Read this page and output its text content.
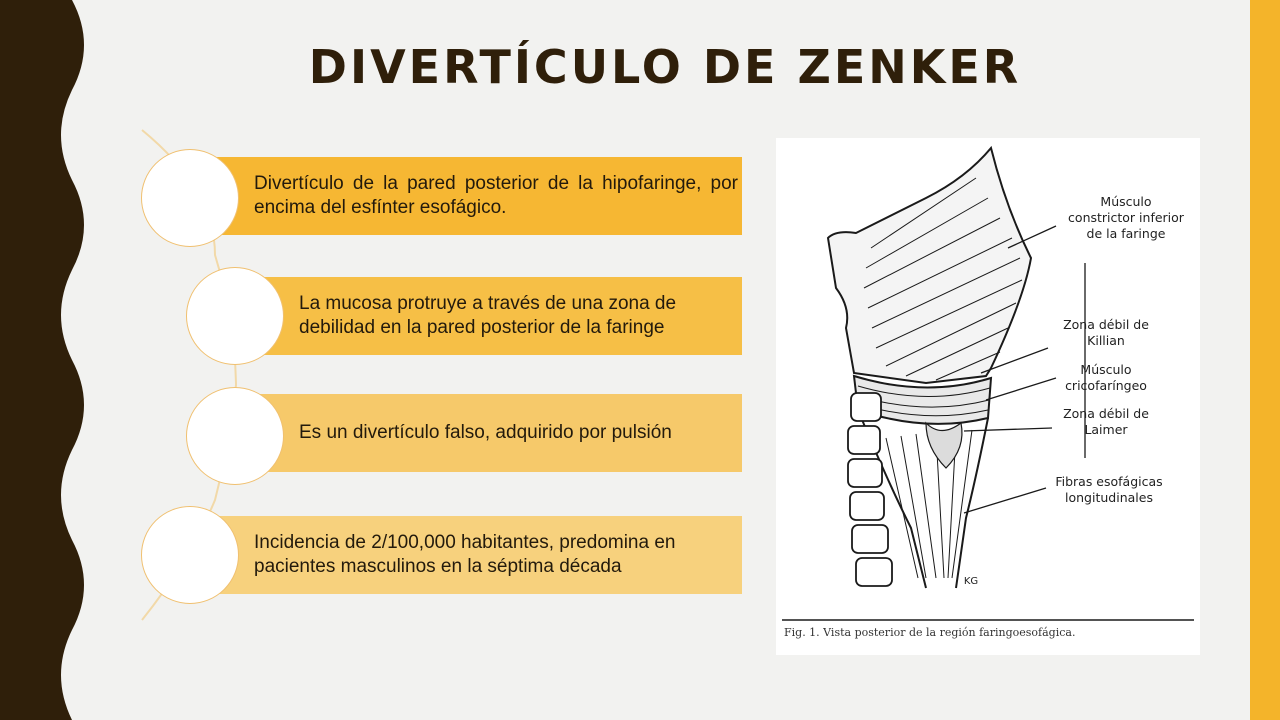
DIVERTÍCULO DE ZENKER
Divertículo de la pared posterior de la hipofaringe, por encima del esfínter esofágico.
La mucosa protruye a través de una zona de debilidad en la pared posterior de la faringe
Es un divertículo falso, adquirido por pulsión
Incidencia de 2/100,000 habitantes, predomina en pacientes masculinos en la séptima década
Músculo
constrictor inferior
de la faringe
Zona débil de
Killian
Músculo
cricofaríngeo
Zona débil de
Laimer
Fibras esofágicas
longitudinales
KG
Fig. 1. Vista posterior de la región faringoesofágica.
